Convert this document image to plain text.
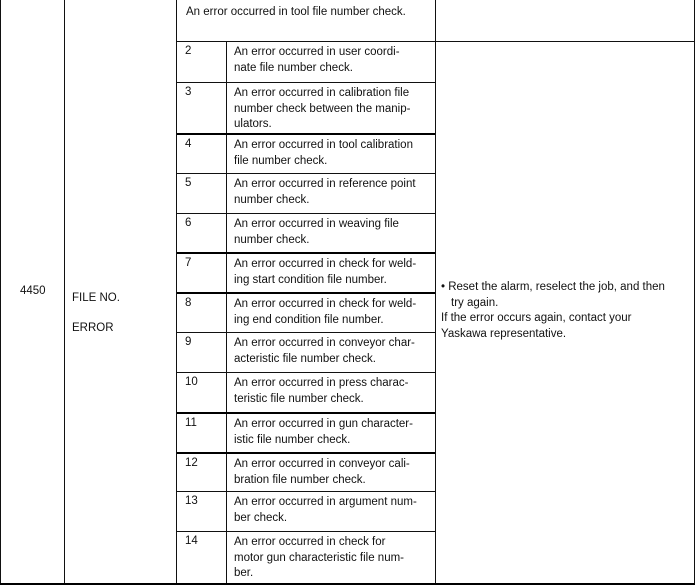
4450

FILE NO.

ERROR

An error occurred in tool file number check.
2	An error occurred in user coordi-
nate file number check.
3	An error occurred in calibration file
number check between the manip-
ulators.
4	An error occurred in tool calibration
file number check.
5	An error occurred in reference point
number check.
6	An error occurred in weaving file
number check.
7	An error occurred in check for weld-
ing start condition file number.
8	An error occurred in check for weld-
ing end condition file number.
9	An error occurred in conveyor char-
acteristic file number check.
10	An error occurred in press charac-
teristic file number check.
11	An error occurred in gun character-
istic file number check.
12	An error occurred in conveyor cali-
bration file number check.
13	An error occurred in argument num-
ber check.
14	An error occurred in check for
motor gun characteristic file num-
ber.
• Reset the alarm, reselect the job, and then
try again.
If the error occurs again, contact your
Yaskawa representative.
